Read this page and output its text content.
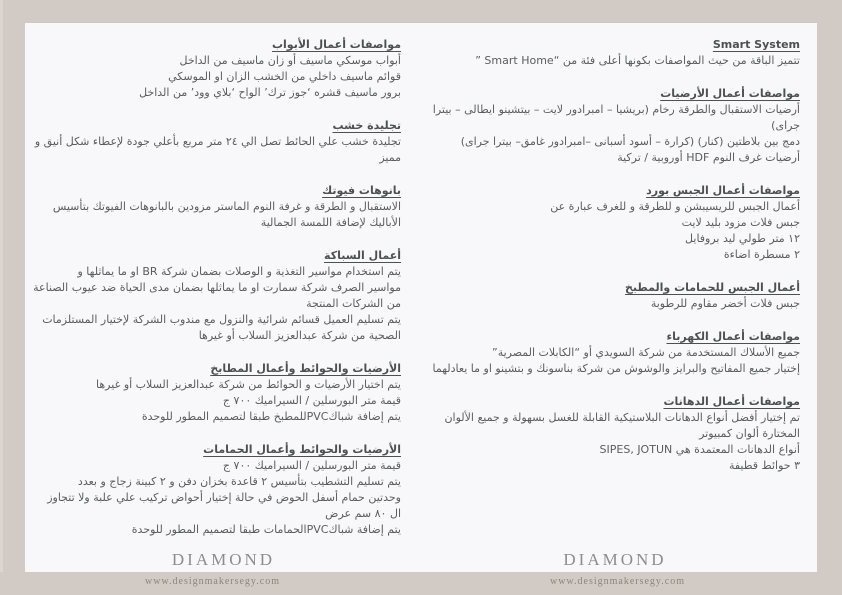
Smart System
تتميز الباقة من حيث المواصفات بكونها أعلى فئة من “Smart Home ”
مواصفات أعمال الأرضيات
أرضيات الاستقبال والطرقة رخام (بريشيا – امبرادور لايت – بيتشينو ايطالى – بيترا
جراى)
دمج بين بلاطتين (كنار) (كرارة – أسود أسبانى –امبرادور غامق– بيترا جراى)
أرضيات غرف النوم HDF أوروبية / تركية
مواصفات أعمال الجبس بورد
أعمال الجبس للريسيبشن و للطرقة و للغرف عبارة عن
جبس فلات مزود بليد لايت
١٢ متر طولي ليد بروفايل
٢ مسطرة اضاءة
أعمال الجبس للحمامات والمطبخ
جبس فلات أخضر مقاوم للرطوبة
مواصفات أعمال الكهرباء
جميع الأسلاك المستخدمة من شركة السويدي أو “الكابلات المصرية”
إختيار جميع المفاتيح والبرايز والوشوش من شركة بناسونك و بتشينو او ما يعادلهما
مواصفات أعمال الدهانات
تم إختيار أفضل أنواع الدهانات البلاستيكية القابلة للغسل بسهولة و جميع الألوان
المختارة ألوان كمبيوتر
أنواع الدهانات المعتمدة هي SIPES, JOTUN
٣ حوائط قطيفة
مواصفات أعمال الأبواب
أبواب موسكي ماسيف أو زان ماسيف من الداخل
قوائم ماسيف داخلي من الخشب الزان او الموسكي
برور ماسيف قشره ‘جوز ترك’ الواح ‘بلاي وود’ من الداخل
تجليدة خشب
تجليدة خشب علي الحائط تصل الي ٢٤ متر مربع بأعلي جودة لإعطاء شكل أنيق و
مميز
بانوهات فيوتك
الاستقبال و الطرقة و غرفة النوم الماستر مزودين بالبانوهات الفيوتك بتأسيس
الأباليك لإضافة اللمسة الجمالية
أعمال السباكة
يتم استخدام مواسير التغذية و الوصلات بضمان شركة BR او ما يماثلها و
مواسير الصرف شركة سمارت او ما يماثلها بضمان مدى الحياة ضد عيوب الصناعة
من الشركات المنتجة
يتم تسليم العميل قسائم شرائية والنزول مع مندوب الشركة لإختيار المستلزمات
الصحية من شركة عبدالعزيز السلاب أو غيرها
الأرضيات والحوائط وأعمال المطابخ
يتم اختيار الأرضيات و الحوائط من شركة عبدالعزيز السلاب أو غيرها
قيمة متر البورسلين / السيراميك ٧٠٠ ج
يتم إضافة شباكPVCللمطبخ طبقا لتصميم المطور للوحدة
الأرضيات والحوائط وأعمال الحمامات
قيمة متر البورسلين / السيراميك ٧٠٠ ج
يتم تسليم التشطيب بتأسيس ٢ قاعدة بخزان دفن و ٢ كبينة زجاج و بعدد
وحدتين حمام أسفل الحوض في حالة إختيار أحواض تركيب علي علبة ولا تتجاوز
ال ٨٠ سم عرض
يتم إضافة شباكPVCالحمامات طبقا لتصميم المطور للوحدة
DIAMOND	DIAMOND
www.designmakersegy.com	www.designmakersegy.com
